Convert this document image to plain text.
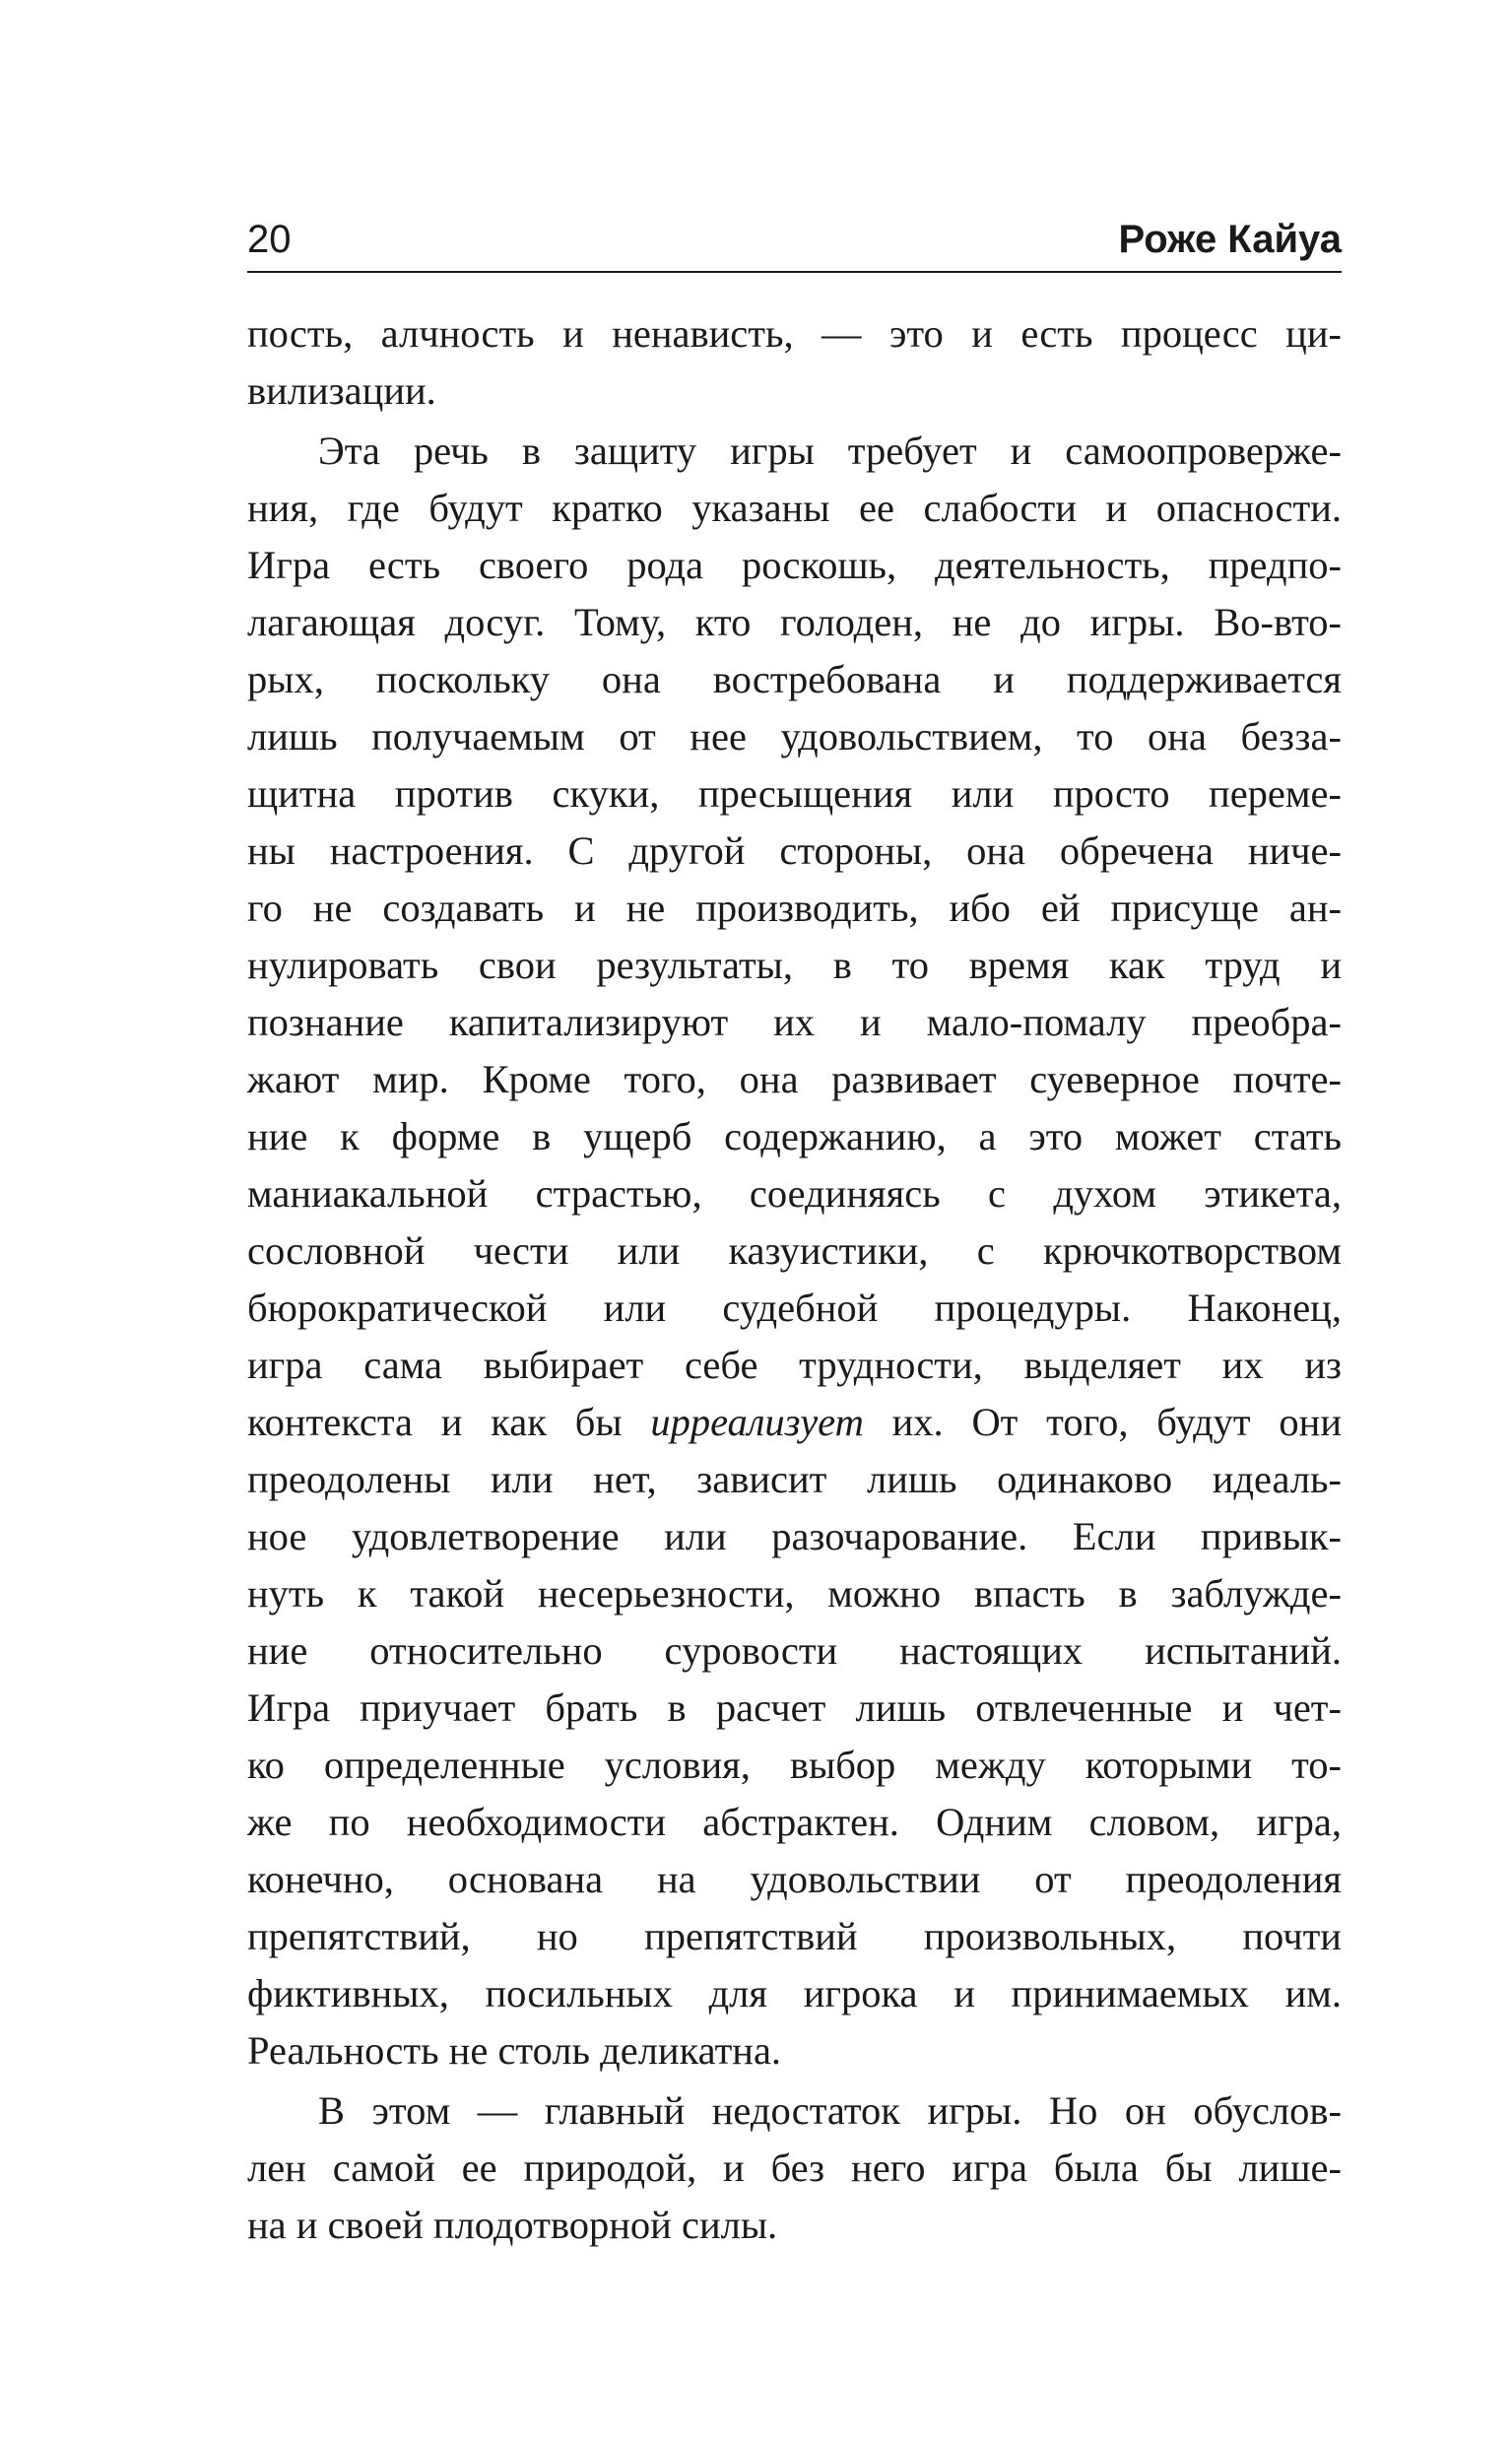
20	Роже Кайуа
пость, алчность и ненависть, — это и есть процесс ци-
вилизации.
Эта речь в защиту игры требует и самоопроверже-
ния, где будут кратко указаны ее слабости и опасности.
Игра есть своего рода роскошь, деятельность, предпо-
лагающая досуг. Тому, кто голоден, не до игры. Во-вто-
рых, поскольку она востребована и поддерживается
лишь получаемым от нее удовольствием, то она безза-
щитна против скуки, пресыщения или просто переме-
ны настроения. С другой стороны, она обречена ниче-
го не создавать и не производить, ибо ей присуще ан-
нулировать свои результаты, в то время как труд и
познание капитализируют их и мало-помалу преобра-
жают мир. Кроме того, она развивает суеверное почте-
ние к форме в ущерб содержанию, а это может стать
маниакальной страстью, соединяясь с духом этикета,
сословной чести или казуистики, с крючкотворством
бюрократической или судебной процедуры. Наконец,
игра сама выбирает себе трудности, выделяет их из
контекста и как бы ирреализует их. От того, будут они
преодолены или нет, зависит лишь одинаково идеаль-
ное удовлетворение или разочарование. Если привык-
нуть к такой несерьезности, можно впасть в заблужде-
ние относительно суровости настоящих испытаний.
Игра приучает брать в расчет лишь отвлеченные и чет-
ко определенные условия, выбор между которыми то-
же по необходимости абстрактен. Одним словом, игра,
конечно, основана на удовольствии от преодоления
препятствий, но препятствий произвольных, почти
фиктивных, посильных для игрока и принимаемых им.
Реальность не столь деликатна.
В этом — главный недостаток игры. Но он обуслов-
лен самой ее природой, и без него игра была бы лише-
на и своей плодотворной силы.
